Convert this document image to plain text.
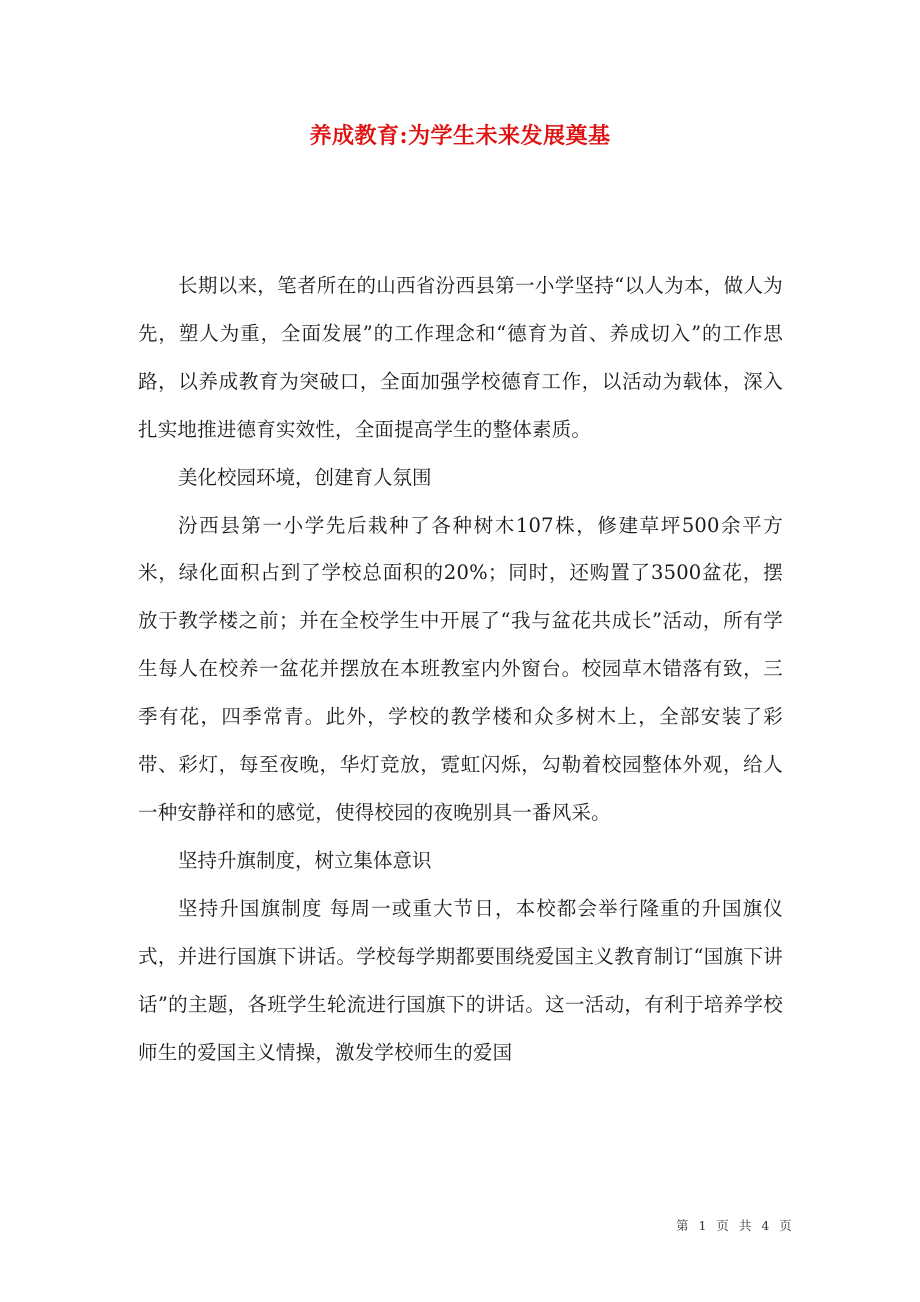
养成教育:为学生未来发展奠基

长期以来，笔者所在的山西省汾西县第一小学坚持“以人为本，做人为先，塑人为重，全面发展”的工作理念和“德育为首、养成切入”的工作思路，以养成教育为突破口，全面加强学校德育工作，以活动为载体，深入扎实地推进德育实效性，全面提高学生的整体素质。

美化校园环境，创建育人氛围

汾西县第一小学先后栽种了各种树木107株，修建草坪500余平方米，绿化面积占到了学校总面积的20%；同时，还购置了3500盆花，摆放于教学楼之前；并在全校学生中开展了“我与盆花共成长”活动，所有学生每人在校养一盆花并摆放在本班教室内外窗台。校园草木错落有致，三季有花，四季常青。此外，学校的教学楼和众多树木上，全部安装了彩带、彩灯，每至夜晚，华灯竞放，霓虹闪烁，勾勒着校园整体外观，给人一种安静祥和的感觉，使得校园的夜晚别具一番风采。

坚持升旗制度，树立集体意识

坚持升国旗制度 每周一或重大节日，本校都会举行隆重的升国旗仪式，并进行国旗下讲话。学校每学期都要围绕爱国主义教育制订“国旗下讲话”的主题，各班学生轮流进行国旗下的讲话。这一活动，有利于培养学校师生的爱国主义情操，激发学校师生的爱国

第 1 页 共 4 页
